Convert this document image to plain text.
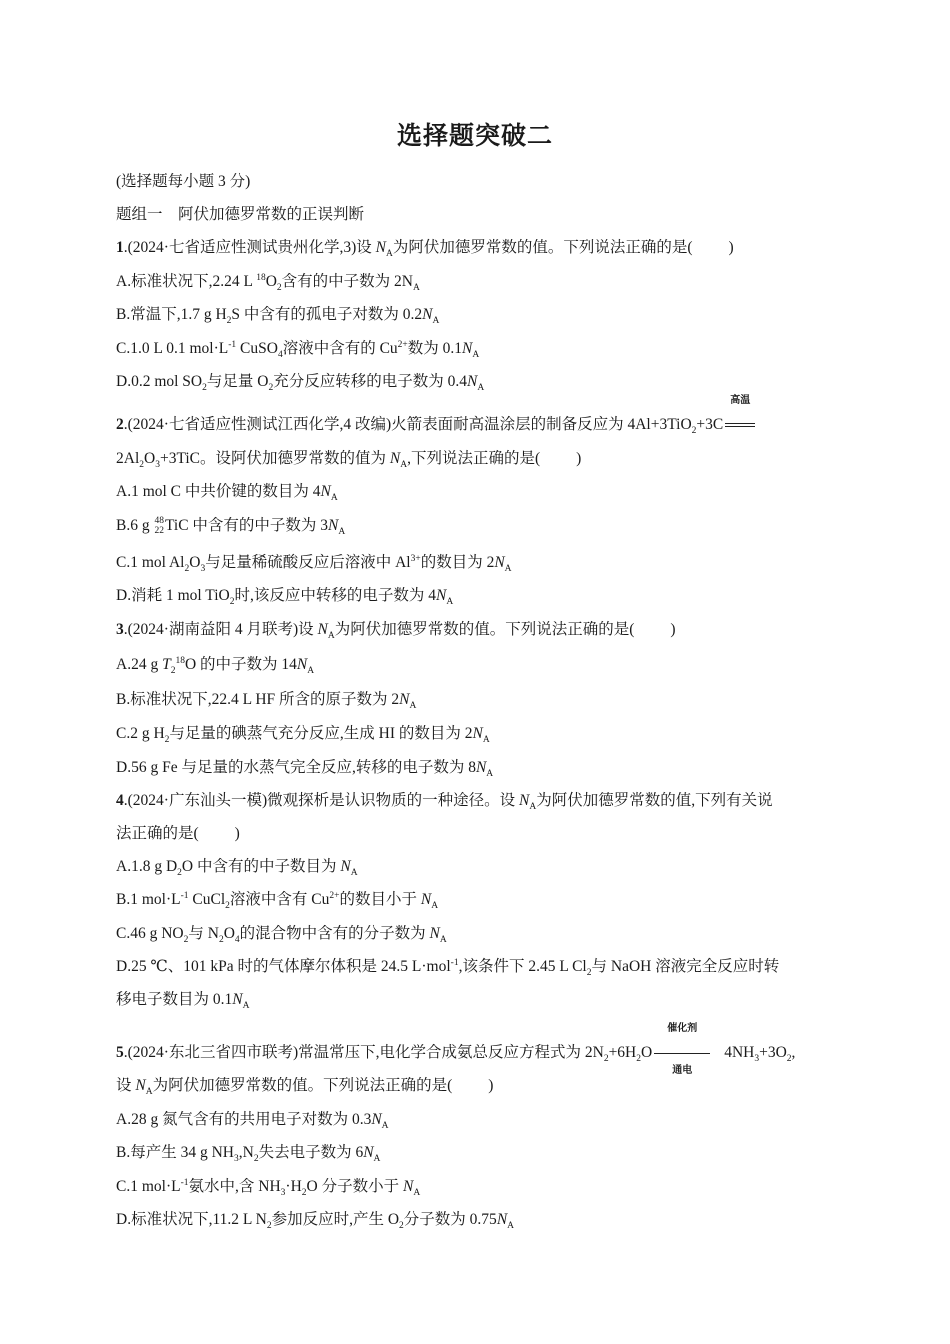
选择题突破二
(选择题每小题 3 分)
题组一　阿伏加德罗常数的正误判断
1.(2024·七省适应性测试贵州化学,3)设 $N_A$为阿伏加德罗常数的值。下列说法正确的是( )
A.标准状况下,2.24 L $^{18}O_2$含有的中子数为 $2N_A$
B.常温下,1.7 g $H_2S$ 中含有的孤电子对数为 $0.2N_A$
C.1.0 L 0.1 $mol\cdot L^{-1}$ CuSO$_4$溶液中含有的 $Cu^{2+}$数为 $0.1N_A$
D.0.2 mol $SO_2$与足量 $O_2$充分反应转移的电子数为 $0.4N_A$
2.(2024·七省适应性测试江西化学,4 改编)火箭表面耐高温涂层的制备反应为 4Al+3TiO$_2$+3C
高温
$2Al_2O_3+3TiC$。设阿伏加德罗常数的值为 $N_A$,下列说法正确的是( )
A.1 mol C 中共价键的数目为 $4N_A$
B.6 g 48
22 TiC 中含有的中子数为 $3N_A$
C.1 mol $Al_2O_3$与足量稀硫酸反应后溶液中 $Al^{3+}$的数目为 $2N_A$
D.消耗 1 mol TiO$_2$时,该反应中转移的电子数为 $4N_A$
3.(2024·湖南益阳 4 月联考)设 $N_A$为阿伏加德罗常数的值。下列说法正确的是( )
A.24 g $T_2^{18}O$ 的中子数为 $14N_A$
B.标准状况下,22.4 L HF 所含的原子数为 $2N_A$
C.2 g $H_2$与足量的碘蒸气充分反应,生成 HI 的数目为 $2N_A$
D.56 g Fe 与足量的水蒸气完全反应,转移的电子数为 $8N_A$
4.(2024·广东汕头一模)微观探析是认识物质的一种途径。设 $N_A$为阿伏加德罗常数的值,下列有关说
法正确的是( )
A.1.8 g $D_2O$ 中含有的中子数目为 $N_A$
B.1 $mol\cdot L^{-1}$ CuCl$_2$溶液中含有 $Cu^{2+}$的数目小于 $N_A$
C.46 g $NO_2$与 $N_2O_4$的混合物中含有的分子数为 $N_A$
D.25 ℃、101 kPa 时的气体摩尔体积是 24.5 L·mol$^{-1}$,该条件下 2.45 L $Cl_2$与 NaOH 溶液完全反应时转
移电子数目为 $0.1N_A$
5.(2024·东北三省四市联考)常温常压下,电化学合成氨总反应方程式为 $2N_2+6H_2O$
催化剂
通电
$4NH_3+3O_2$,
设 $N_A$为阿伏加德罗常数的值。下列说法正确的是( )
A.28 g 氮气含有的共用电子对数为 $0.3N_A$
B.每产生 34 g $NH_3,N_2$失去电子数为 $6N_A$
C.1 $mol\cdot L^{-1}$氨水中,含 $NH_3\cdot H_2O$ 分子数小于 $N_A$
D.标准状况下,11.2 L $N_2$参加反应时,产生 $O_2$分子数为 $0.75N_A$
